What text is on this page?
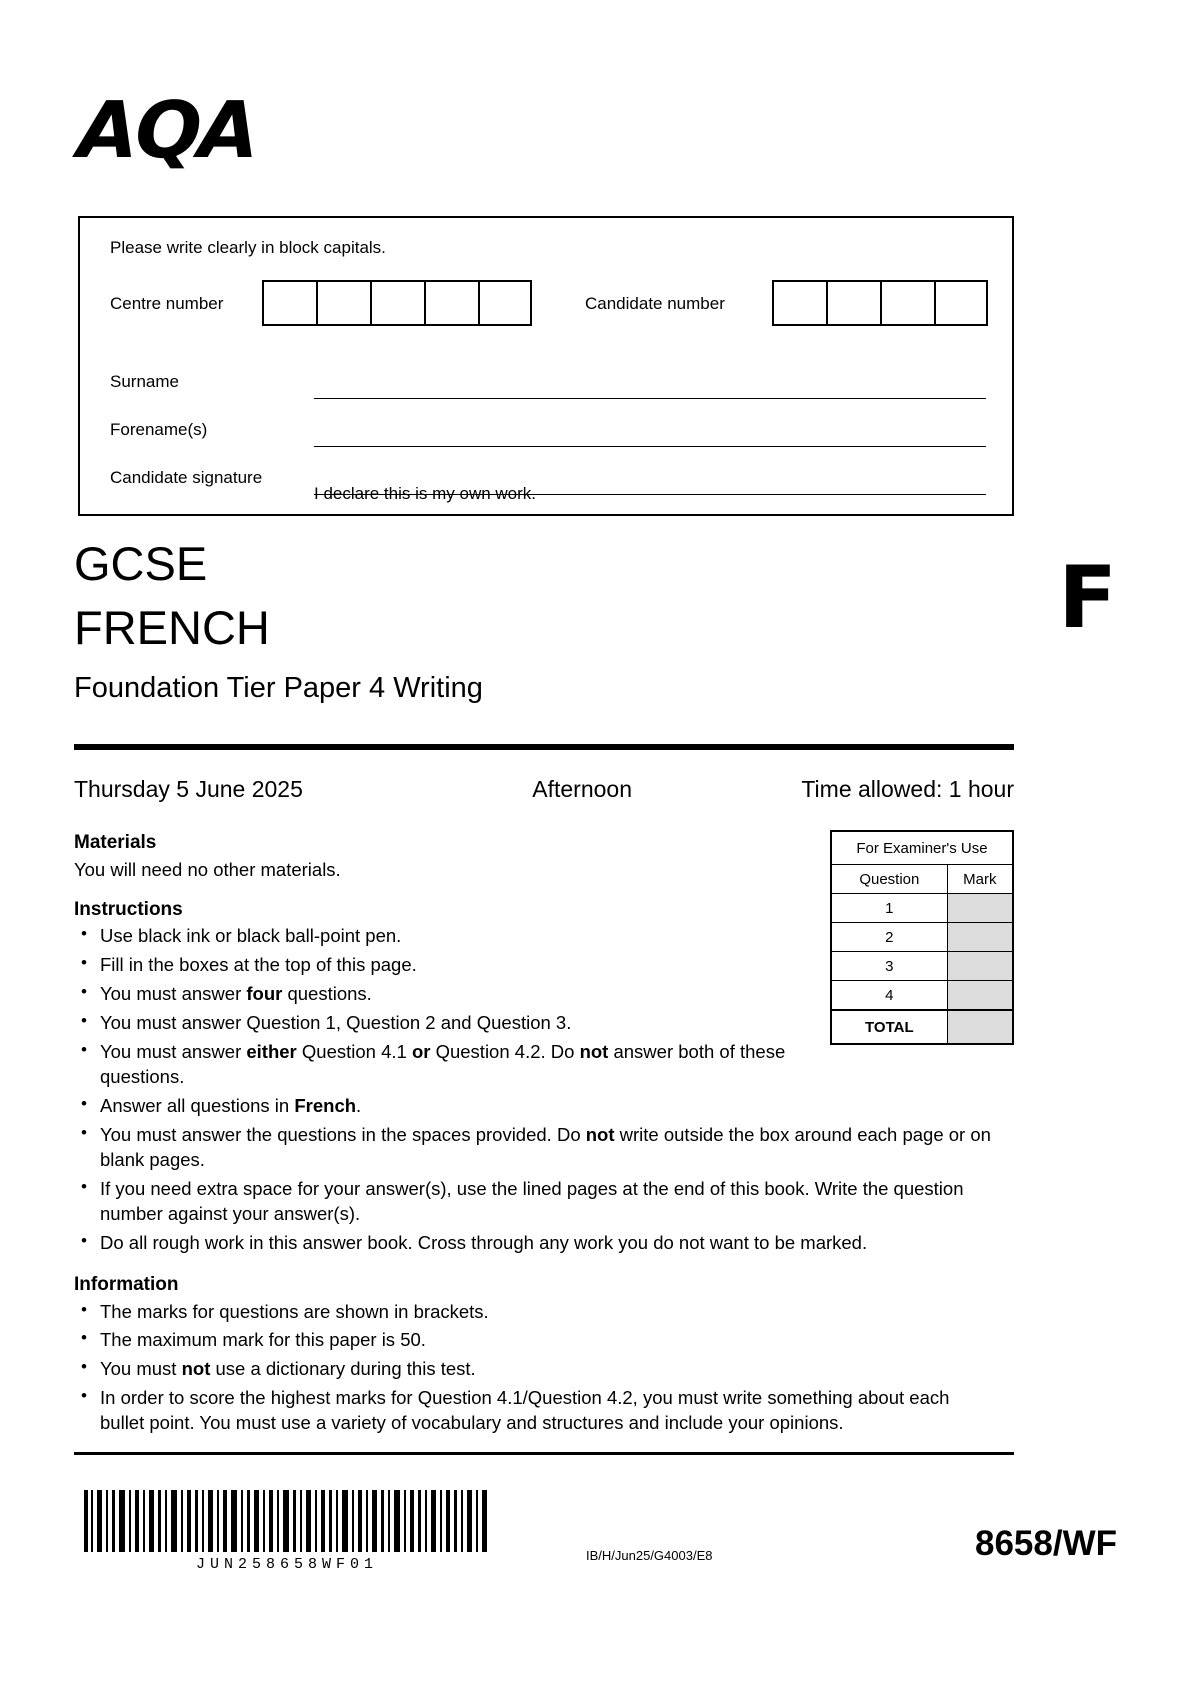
AQA
Please write clearly in block capitals.
Centre number	Candidate number
Surname
Forename(s)
Candidate signature
I declare this is my own work.
GCSE
FRENCH
Foundation Tier Paper 4 Writing
F
Thursday 5 June 2025	Afternoon	Time allowed: 1 hour
Materials
You will need no other materials.
Instructions
• Use black ink or black ball-point pen.
• Fill in the boxes at the top of this page.
• You must answer four questions.
• You must answer Question 1, Question 2 and Question 3.
• You must answer either Question 4.1 or Question 4.2. Do not answer both of these questions.
• Answer all questions in French.
• You must answer the questions in the spaces provided. Do not write outside the box around each page or on blank pages.
• If you need extra space for your answer(s), use the lined pages at the end of this book. Write the question number against your answer(s).
• Do all rough work in this answer book. Cross through any work you do not want to be marked.
Information
• The marks for questions are shown in brackets.
• The maximum mark for this paper is 50.
• You must not use a dictionary during this test.
• In order to score the highest marks for Question 4.1/Question 4.2, you must write something about each bullet point. You must use a variety of vocabulary and structures and include your opinions.
For Examiner's Use	
Question	Mark
1	
2	
3	
4	
TOTAL	
JUN258658WF01
IB/H/Jun25/G4003/E8	8658/WF
